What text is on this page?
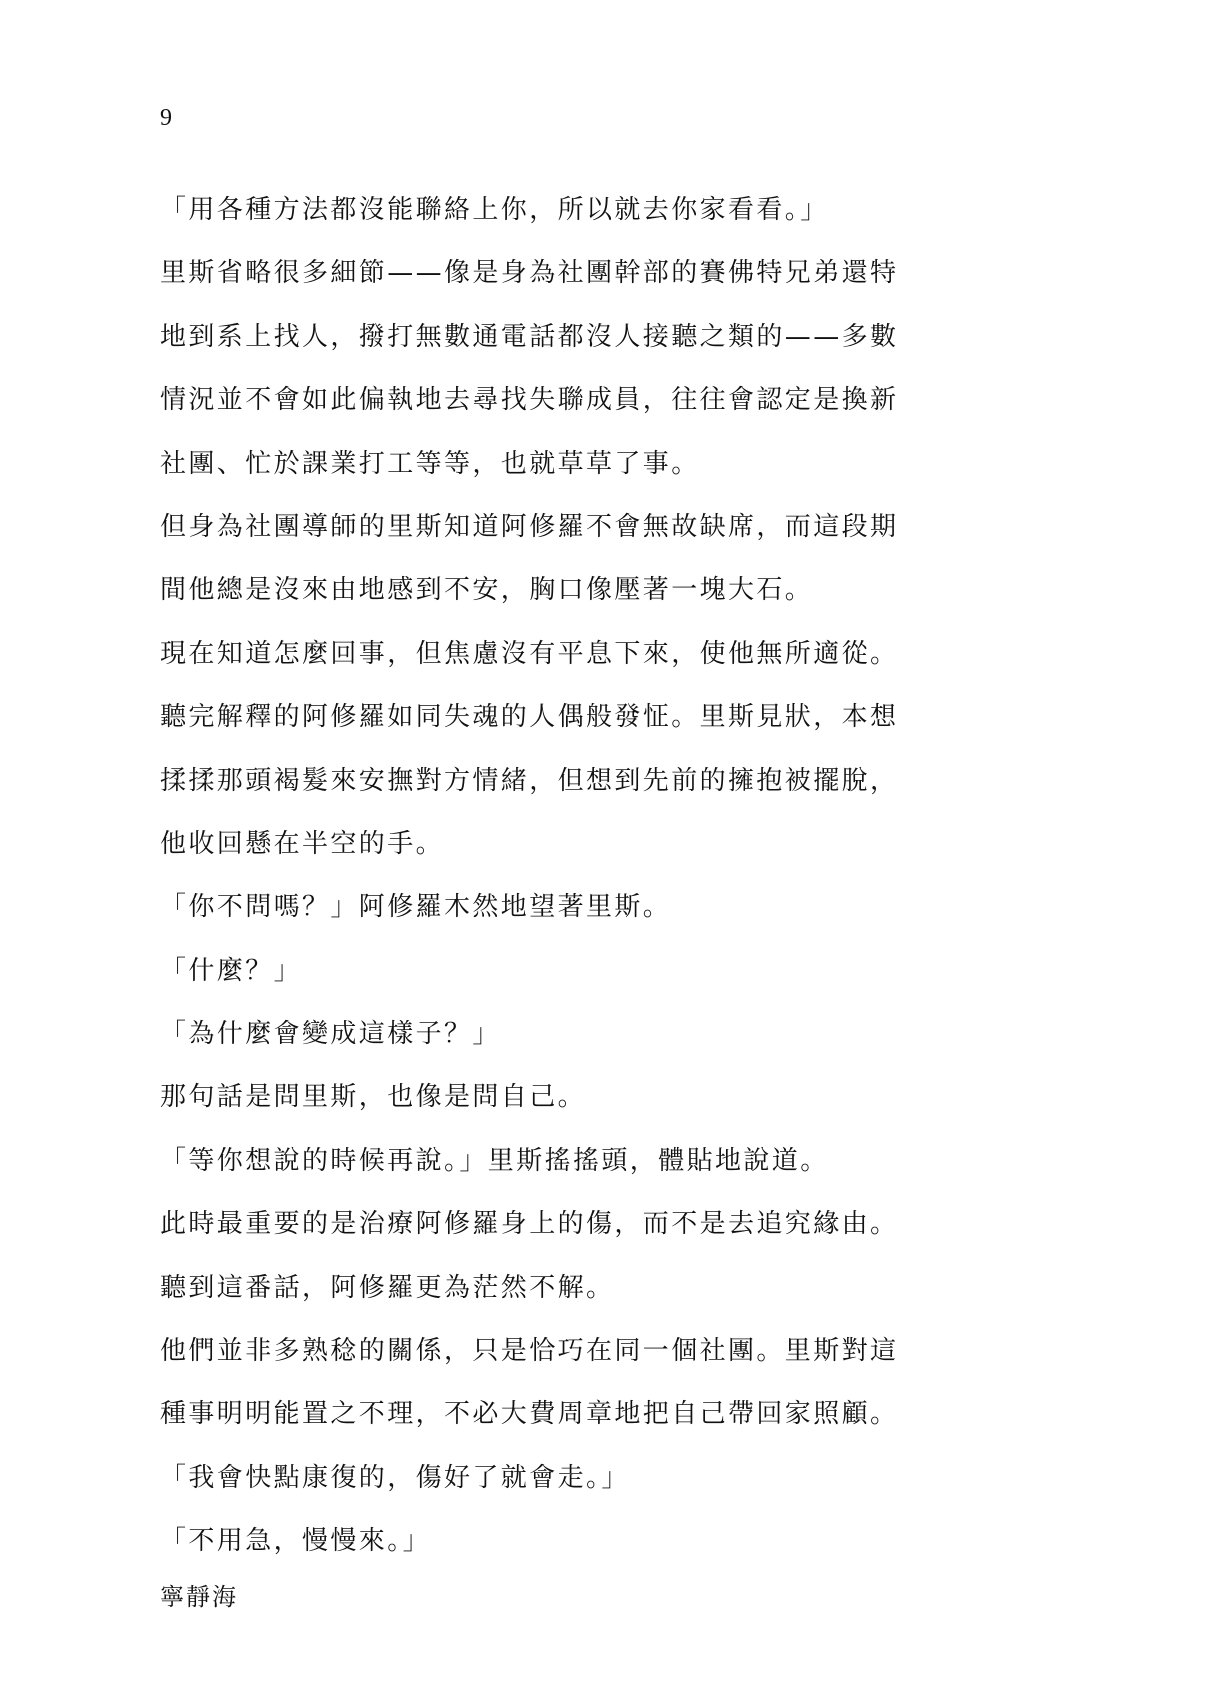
9
「用各種方法都沒能聯絡上你，所以就去你家看看。」
里斯省略很多細節——像是身為社團幹部的賽佛特兄弟還特
地到系上找人，撥打無數通電話都沒人接聽之類的——多數
情況並不會如此偏執地去尋找失聯成員，往往會認定是換新
社團、忙於課業打工等等，也就草草了事。
但身為社團導師的里斯知道阿修羅不會無故缺席，而這段期
間他總是沒來由地感到不安，胸口像壓著一塊大石。
現在知道怎麼回事，但焦慮沒有平息下來，使他無所適從。
聽完解釋的阿修羅如同失魂的人偶般發怔。里斯見狀，本想
揉揉那頭褐髮來安撫對方情緒，但想到先前的擁抱被擺脫，
他收回懸在半空的手。
「你不問嗎？」阿修羅木然地望著里斯。
「什麼？」
「為什麼會變成這樣子？」
那句話是問里斯，也像是問自己。
「等你想說的時候再說。」里斯搖搖頭，體貼地說道。
此時最重要的是治療阿修羅身上的傷，而不是去追究緣由。
聽到這番話，阿修羅更為茫然不解。
他們並非多熟稔的關係，只是恰巧在同一個社團。里斯對這
種事明明能置之不理，不必大費周章地把自己帶回家照顧。
「我會快點康復的，傷好了就會走。」
「不用急，慢慢來。」
寧靜海
